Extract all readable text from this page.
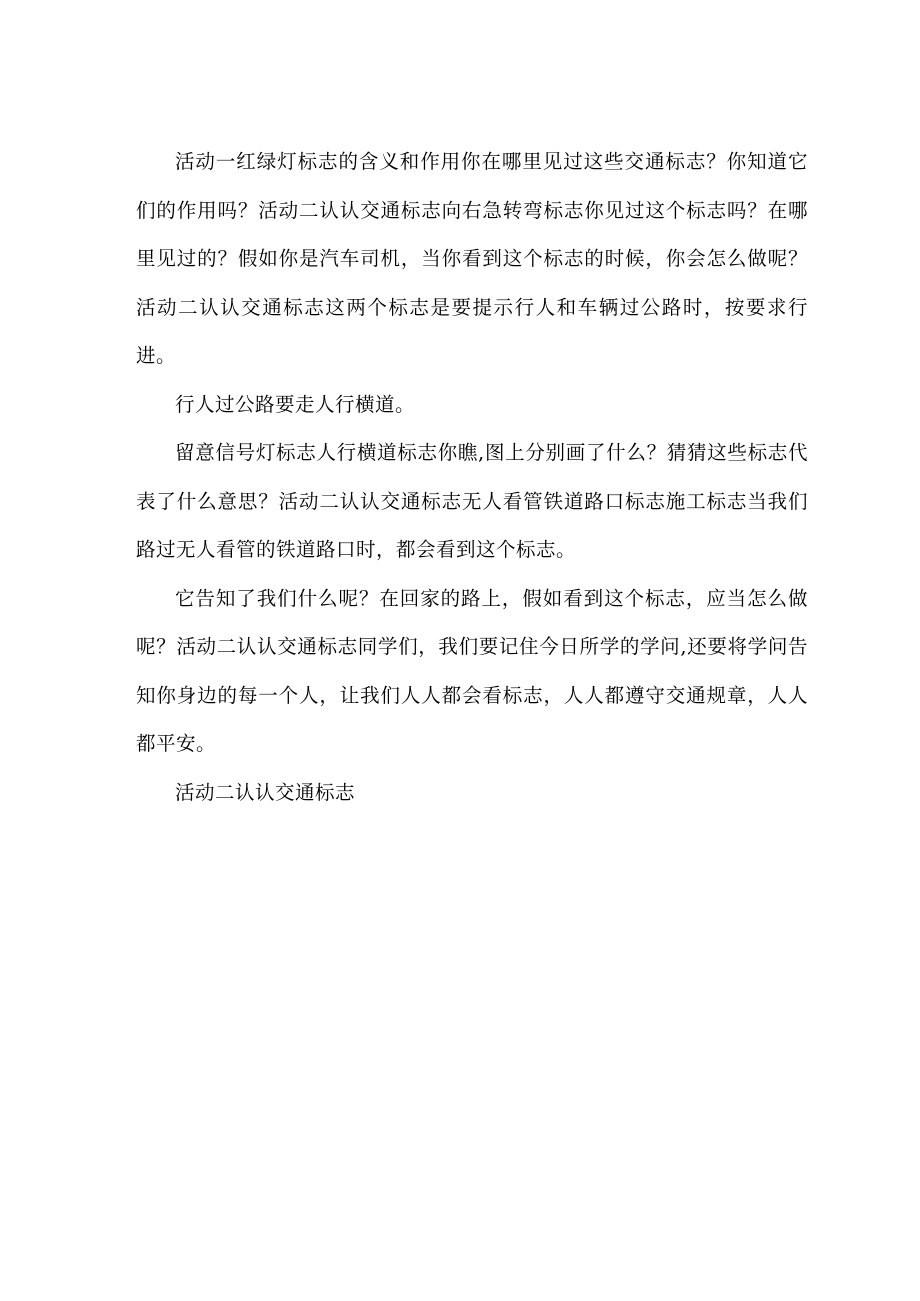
活动一红绿灯标志的含义和作用你在哪里见过这些交通标志？你知道它们的作用吗？活动二认认交通标志向右急转弯标志你见过这个标志吗？在哪里见过的？假如你是汽车司机，当你看到这个标志的时候，你会怎么做呢？活动二认认交通标志这两个标志是要提示行人和车辆过公路时，按要求行进。

行人过公路要走人行横道。

留意信号灯标志人行横道标志你瞧,图上分别画了什么？猜猜这些标志代表了什么意思？活动二认认交通标志无人看管铁道路口标志施工标志当我们路过无人看管的铁道路口时，都会看到这个标志。

它告知了我们什么呢？在回家的路上，假如看到这个标志，应当怎么做呢？活动二认认交通标志同学们，我们要记住今日所学的学问,还要将学问告知你身边的每一个人，让我们人人都会看标志，人人都遵守交通规章，人人都平安。

活动二认认交通标志
